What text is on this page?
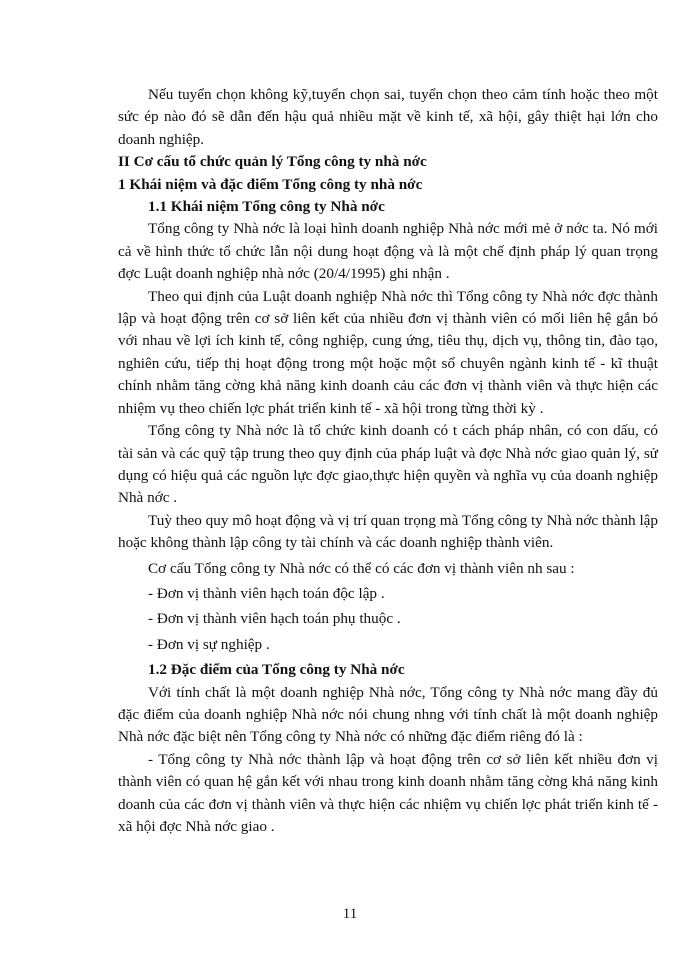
Nếu tuyển chọn không kỹ,tuyển chọn sai, tuyển chọn theo cảm tính hoặc theo một sức ép nào đó sẽ dẫn đến hậu quả nhiều mặt về kinh tế, xã hội, gây thiệt hại lớn cho doanh nghiệp.

II Cơ cấu tổ chức quản lý Tổng công ty nhà nớc

1 Khái niệm và đặc điểm Tổng công ty nhà nớc

1.1 Khái niệm Tổng công ty Nhà nớc

Tổng công ty Nhà nớc là loại hình doanh nghiệp Nhà nớc mới mẻ ở nớc ta. Nó mới cả về hình thức tổ chức lẫn nội dung hoạt động và là một chế định pháp lý quan trọng đợc Luật doanh nghiệp nhà nớc (20/4/1995) ghi nhận .

Theo qui định của Luật doanh nghiệp Nhà nớc thì Tổng công ty Nhà nớc đợc thành lập và hoạt động trên cơ sở liên kết của nhiều đơn vị thành viên có mối liên hệ gắn bó với nhau về lợi ích kinh tế, công nghiệp, cung ứng, tiêu thụ, dịch vụ, thông tin, đào tạo, nghiên cứu, tiếp thị hoạt động trong một hoặc một số chuyên ngành kinh tế - kĩ thuật chính nhằm tăng cờng khả năng kinh doanh cảu các đơn vị thành viên và thực hiện các nhiệm vụ theo chiến lợc phát triển kinh tế - xã hội trong từng thời kỳ .

Tổng công ty Nhà nớc là tổ chức kinh doanh có t cách pháp nhân, có con dấu, có tài sản và các quỹ tập trung theo quy định của pháp luật và đợc Nhà nớc giao quản lý, sử dụng có hiệu quả các nguồn lực đợc giao,thực hiện quyền và nghĩa vụ của doanh nghiệp Nhà nớc .

Tuỳ theo quy mô hoạt động và vị trí quan trọng mà Tổng công ty Nhà nớc thành lập hoặc không thành lập công ty tài chính và các doanh nghiệp thành viên.

Cơ cấu Tổng công ty Nhà nớc có thể có các đơn vị thành viên nh sau :

- Đơn vị thành viên hạch toán độc lập .

- Đơn vị thành viên hạch toán phụ thuộc .

- Đơn vị sự nghiệp .

1.2 Đặc điểm của Tổng công ty Nhà nớc

Với tính chất là một doanh nghiệp Nhà nớc, Tổng công ty Nhà nớc mang đầy đủ đặc điểm của doanh nghiệp Nhà nớc nói chung nhng với tính chất là một doanh nghiệp Nhà nớc đặc biệt nên Tổng công ty Nhà nớc có những đặc điểm riêng đó là :

- Tổng công ty Nhà nớc thành lập và hoạt động trên cơ sở liên kết nhiều đơn vị thành viên có quan hệ gắn kết với nhau trong kinh doanh nhằm tăng cờng khả năng kinh doanh của các đơn vị thành viên và thực hiện các nhiệm vụ chiến lợc phát triển kinh tế - xã hội đợc Nhà nớc giao .

11
